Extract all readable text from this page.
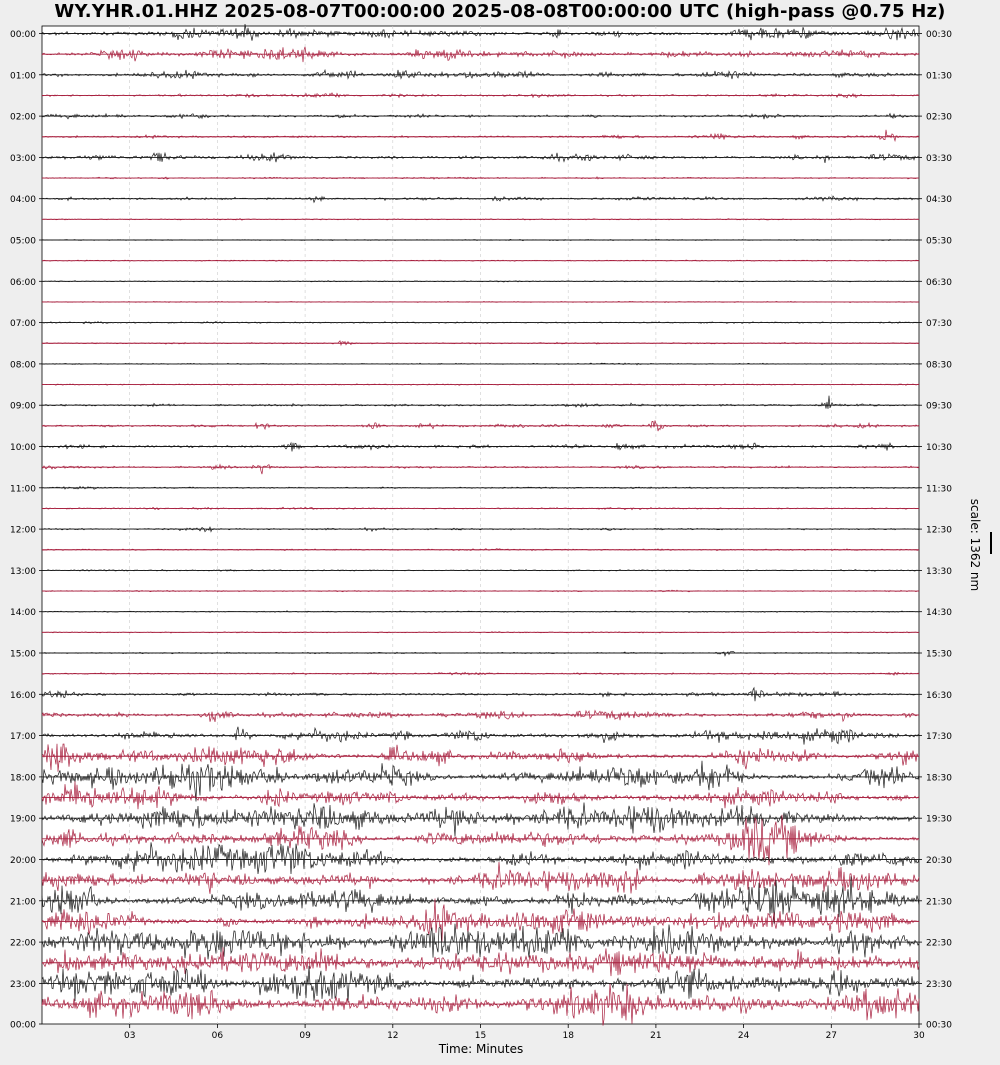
WY.YHR.01.HHZ 2025-08-07T00:00:00 2025-08-08T00:00:00 UTC (high-pass @0.75 Hz)
00:00	00:30
01:00	01:30
02:00	02:30
03:00	03:30
04:00	04:30
05:00	05:30
06:00	06:30
07:00	07:30
08:00	08:30
09:00	09:30
10:00	10:30
11:00	11:30
12:00	12:30
13:00	13:30
14:00	14:30
15:00	15:30
16:00	16:30
17:00	17:30
18:00	18:30
19:00	19:30
20:00	20:30
21:00	21:30
22:00	22:30
23:00	23:30
00:00	00:30
03	06	09	12	15	18	21	24	27	30
scale: 1362 nm
Time: Minutes
